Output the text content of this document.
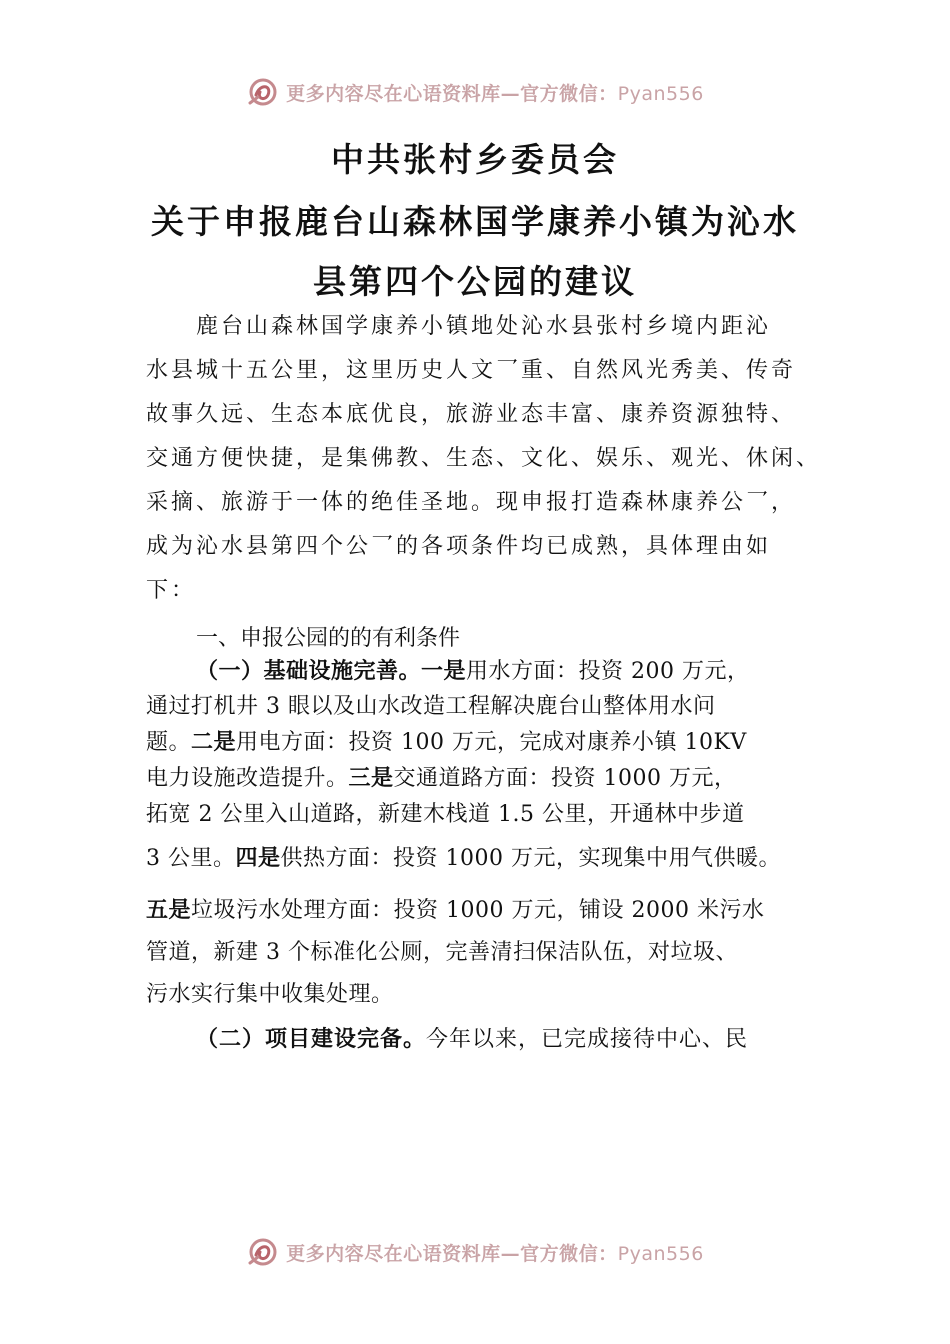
更多内容尽在心语资料库—官方微信：Pyan556
中共张村乡委员会
关于申报鹿台山森林国学康养小镇为沁水
县第四个公园的建议
鹿台山森林国学康养小镇地处沁水县张村乡境内距沁
水县城十五公里，这里历史人文⺂重、自然风光秀美、传奇
故事久远、生态本底优良，旅游业态丰富、康养资源独特、
交通方便快捷，是集佛教、生态、文化、娱乐、观光、休闲、
采摘、旅游于一体的绝佳圣地。现申报打造森林康养公⺂，
成为沁水县第四个公⺂的各项条件均已成熟，具体理由如
下：
一、申报公园的的有利条件
（一）基础设施完善。一是用水方面：投资 200 万元，
通过打机井 3 眼以及山水改造工程解决鹿台山整体用水问
题。二是用电方面：投资 100 万元，完成对康养小镇 10KV
电力设施改造提升。三是交通道路方面：投资 1000 万元，
拓宽 2 公里入山道路，新建木栈道 1.5 公里，开通林中步道
3 公里。四是供热方面：投资 1000 万元，实现集中用气供暖。
五是垃圾污水处理方面：投资 1000 万元，铺设 2000 米污水
管道，新建 3 个标准化公厕，完善清扫保洁队伍，对垃圾、
污水实行集中收集处理。
（二）项目建设完备。今年以来，已完成接待中心、民
更多内容尽在心语资料库—官方微信：Pyan556
